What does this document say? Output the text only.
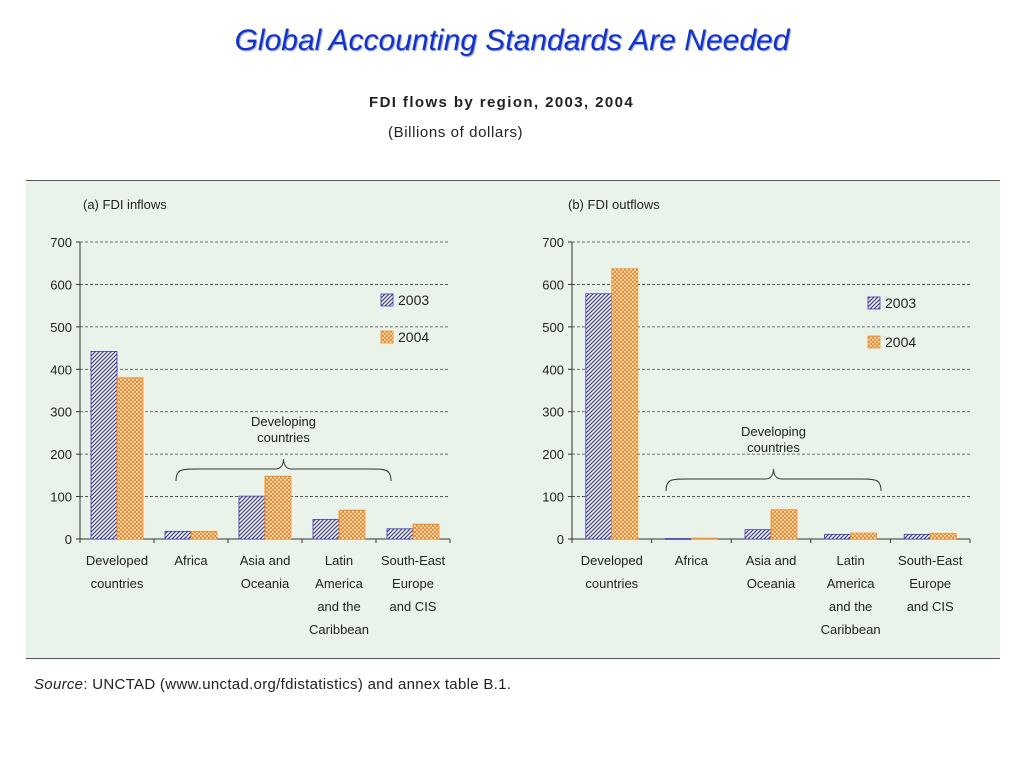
Global Accounting Standards Are Needed
FDI flows by region, 2003, 2004
(Billions of dollars)
(a) FDI inflows
0
100
200
300
400
500
600
700
Developed
countries
Africa Asia and
Oceania
Latin
America
and the
Caribbean
South-East
Europe
and CIS
2003
2004
Developing
countries
(b) FDI outflows
0
100
200
300
400
500
600
700
Developed
countries
Africa	Asia and
Oceania
Latin
America
and the
Caribbean
South-East
Europe
and CIS
2003
2004
Developing
countries
Source: UNCTAD (www.unctad.org/fdistatistics) and annex table B.1.
